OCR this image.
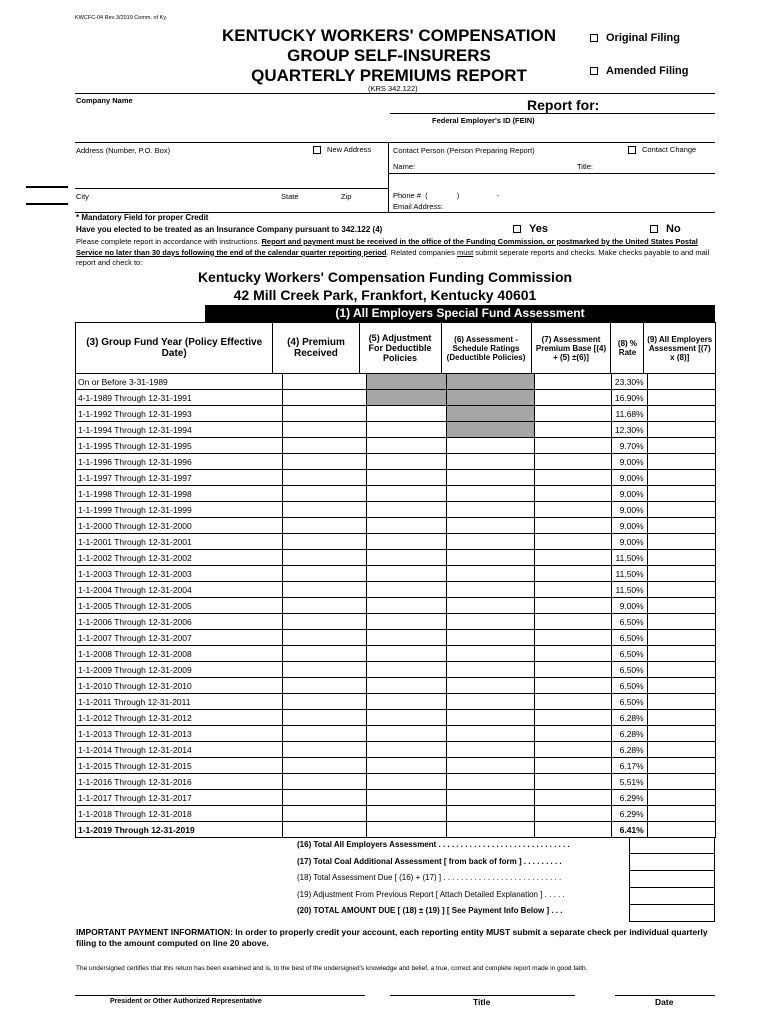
KWCFC-04 Rev 3/2019 Comm. of Ky.
KENTUCKY WORKERS' COMPENSATION
GROUP SELF-INSURERS
QUARTERLY PREMIUMS REPORT
(KRS 342.122)
Original Filing
Amended Filing
Company Name	Report for:
Federal Employer's ID (FEIN)
Address (Number, P.O. Box)	New Address	Contact Person (Person Preparing Report)	Contact Change
Name:	Title:
City	State	Zip	Phone #  (              )                  -
Email Address:
* Mandatory Field for proper Credit
Have you elected to be treated as an Insurance Company pursuant to 342.122 (4)	Yes	No
Please complete report in accordance with instructions. Report and payment must be received in the office of the Funding Commission, or postmarked by the United States Postal Service no later than 30 days following the end of the calendar quarter reporting period. Related companies must submit seperate reports and checks. Make checks payable to and mail report and check to:
Kentucky Workers' Compensation Funding Commission
42 Mill Creek Park, Frankfort, Kentucky 40601
(1) All Employers Special Fund Assessment
(3) Group Fund Year (Policy Effective Date)	(4) Premium Received	(5) Adjustment For Deductible Policies	(6) Assessment - Schedule Ratings (Deductible Policies)	(7) Assessment Premium Base [(4) + (5) ±(6)]	(8) % Rate	(9) All Employers Assessment [(7) x (8)]
On or Before 3-31-1989					23.30%	
4-1-1989 Through 12-31-1991					16.90%	
1-1-1992 Through 12-31-1993					11.68%	
1-1-1994 Through 12-31-1994					12.30%	
1-1-1995 Through 12-31-1995					9.70%	
1-1-1996 Through 12-31-1996					9.00%	
1-1-1997 Through 12-31-1997					9.00%	
1-1-1998 Through 12-31-1998					9.00%	
1-1-1999 Through 12-31-1999					9.00%	
1-1-2000 Through 12-31-2000					9.00%	
1-1-2001 Through 12-31-2001					9.00%	
1-1-2002 Through 12-31-2002					11.50%	
1-1-2003 Through 12-31-2003					11.50%	
1-1-2004 Through 12-31-2004					11.50%	
1-1-2005 Through 12-31-2005					9.00%	
1-1-2006 Through 12-31-2006					6.50%	
1-1-2007 Through 12-31-2007					6.50%	
1-1-2008 Through 12-31-2008					6.50%	
1-1-2009 Through 12-31-2009					6.50%	
1-1-2010 Through 12-31-2010					6.50%	
1-1-2011 Through 12-31-2011					6.50%	
1-1-2012 Through 12-31-2012					6.28%	
1-1-2013 Through 12-31-2013					6.28%	
1-1-2014 Through 12-31-2014					6.28%	
1-1-2015 Through 12-31-2015					6.17%	
1-1-2016 Through 12-31-2016					5.51%	
1-1-2017 Through 12-31-2017					6.29%	
1-1-2018 Through 12-31-2018					6.29%	
1-1-2019 Through 12-31-2019					6.41%	
(16) Total All Employers Assessment . . . . . . . . . . . . . . . . . . . . . . . . . . . . . .
(17) Total Coal Additional Assessment [ from back of form ] . . . . . . . . .
(18) Total Assessment Due [ (16) + (17) ] . . . . . . . . . . . . . . . . . . . . . . . . . . .
(19) Adjustment From Previous Report [ Attach Detailed Explanation ] . . . . .
(20) TOTAL AMOUNT DUE [ (18) ± (19) ] [ See Payment Info Below ] . . .
IMPORTANT PAYMENT INFORMATION: In order to properly credit your account, each reporting entity MUST submit a separate check per individual quarterly filing to the amount computed on line 20 above.
The undersigned certifies that this return has been examined and is, to the best of the undersigned's knowledge and belief, a true, correct and complete report made in good faith.
President or Other Authorized Representative	Title	Date
